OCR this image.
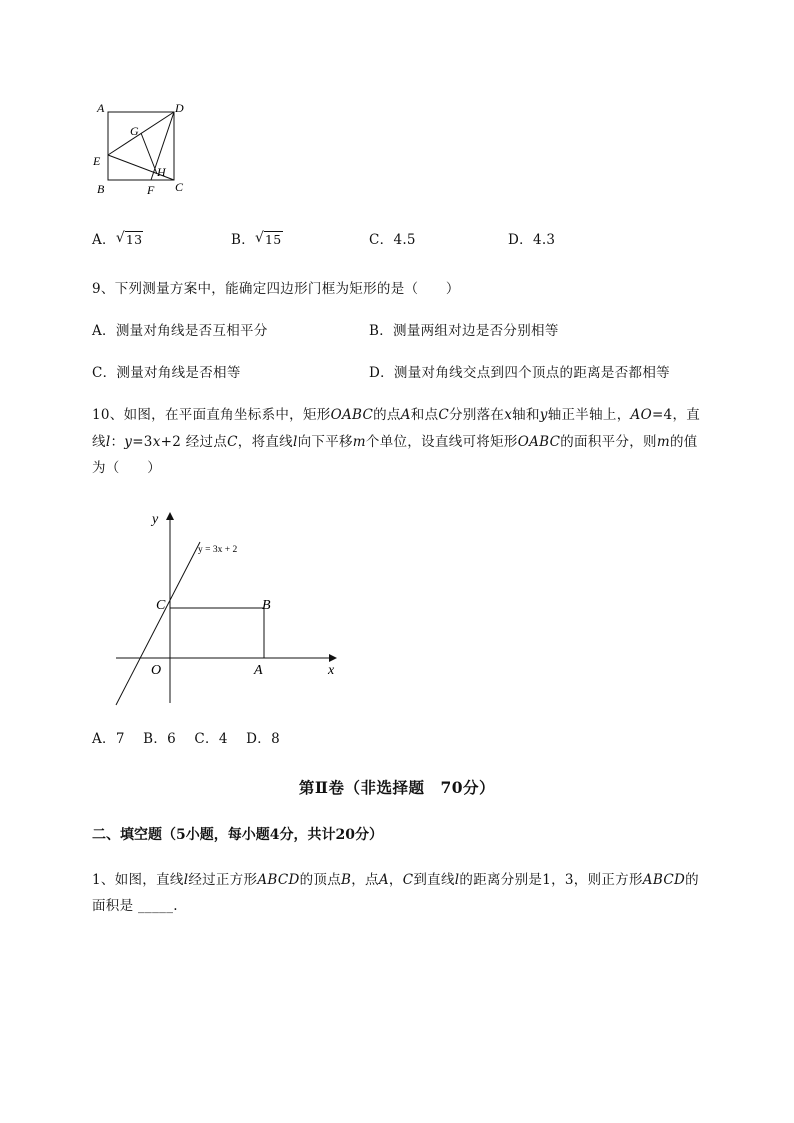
A	D
G
E
H
B	F C
A． √ 13	B． √ 15	C．4.5	D．4.3
9、下列测量方案中，能确定四边形门框为矩形的是（　　）
A．测量对角线是否互相平分	B．测量两组对边是否分别相等
C．测量对角线是否相等	D．测量对角线交点到四个顶点的距离是否都相等
10、如图，在平面直角坐标系中，矩形OABC的点A和点C分别落在x轴和y轴正半轴上，AO=4，直
线l：y=3x+2 经过点C，将直线l向下平移m个单位，设直线可将矩形OABC的面积平分，则m的值
为（　　）
y = 3x + 2
y
x
C	B
O	A
A．7　 B．6　 C．4　 D．8
第Ⅱ卷（非选择题　70分）
二、填空题（5小题，每小题4分，共计20分）
1、如图，直线l经过正方形ABCD的顶点B，点A，C到直线l的距离分别是1，3，则正方形ABCD的
面积是 _____.
